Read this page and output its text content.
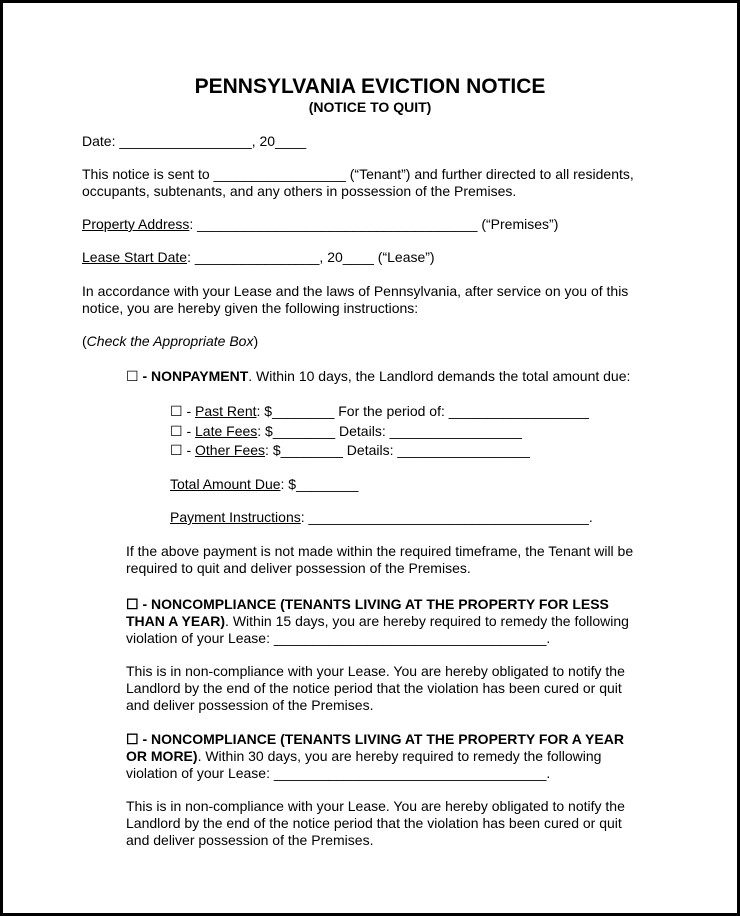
PENNSYLVANIA EVICTION NOTICE
(NOTICE TO QUIT)
Date: _________________, 20____
This notice is sent to _________________ (“Tenant”) and further directed to all residents,
occupants, subtenants, and any others in possession of the Premises.
Property Address: ____________________________________ (“Premises”)
Lease Start Date: ________________, 20____ (“Lease”)
In accordance with your Lease and the laws of Pennsylvania, after service on you of this
notice, you are hereby given the following instructions:
(Check the Appropriate Box)
☐ - NONPAYMENT. Within 10 days, the Landlord demands the total amount due:
☐ - Past Rent: $________ For the period of: __________________
☐ - Late Fees: $________ Details: _________________
☐ - Other Fees: $________ Details: _________________
Total Amount Due: $________
Payment Instructions: ____________________________________.
If the above payment is not made within the required timeframe, the Tenant will be
required to quit and deliver possession of the Premises.
☐ - NONCOMPLIANCE (TENANTS LIVING AT THE PROPERTY FOR LESS
THAN A YEAR). Within 15 days, you are hereby required to remedy the following
violation of your Lease: ___________________________________.
This is in non-compliance with your Lease. You are hereby obligated to notify the
Landlord by the end of the notice period that the violation has been cured or quit
and deliver possession of the Premises.
☐ - NONCOMPLIANCE (TENANTS LIVING AT THE PROPERTY FOR A YEAR
OR MORE). Within 30 days, you are hereby required to remedy the following
violation of your Lease: ___________________________________.
This is in non-compliance with your Lease. You are hereby obligated to notify the
Landlord by the end of the notice period that the violation has been cured or quit
and deliver possession of the Premises.
